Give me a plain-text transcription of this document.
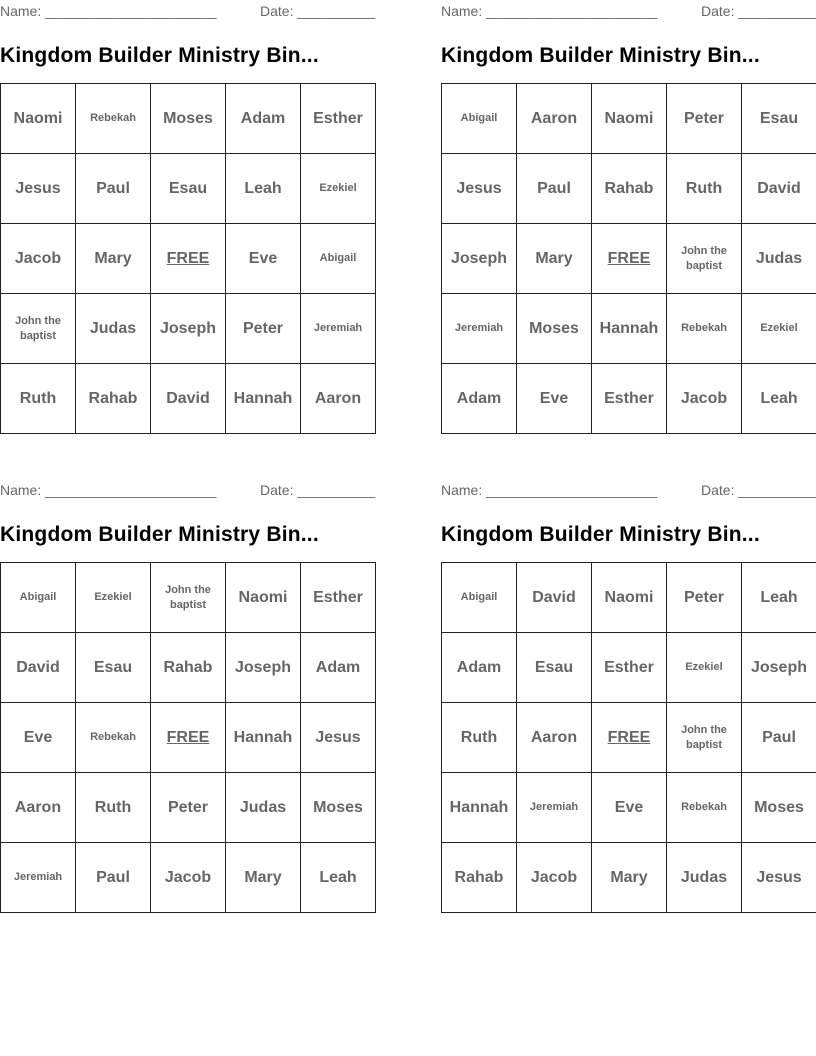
Name: ______________________	Date: __________
Kingdom Builder Ministry Bin...
Naomi	Rebekah	Moses	Adam	Esther
Jesus	Paul	Esau	Leah	Ezekiel
Jacob	Mary	FREE	Eve	Abigail
John the baptist	Judas	Joseph	Peter	Jeremiah
Ruth	Rahab	David	Hannah	Aaron
Name: ______________________	Date: __________
Kingdom Builder Ministry Bin...
Abigail	Aaron	Naomi	Peter	Esau
Jesus	Paul	Rahab	Ruth	David
Joseph	Mary	FREE	John the baptist	Judas
Jeremiah	Moses	Hannah	Rebekah	Ezekiel
Adam	Eve	Esther	Jacob	Leah
Name: ______________________	Date: __________
Kingdom Builder Ministry Bin...
Abigail	Ezekiel	John the baptist	Naomi	Esther
David	Esau	Rahab	Joseph	Adam
Eve	Rebekah	FREE	Hannah	Jesus
Aaron	Ruth	Peter	Judas	Moses
Jeremiah	Paul	Jacob	Mary	Leah
Name: ______________________	Date: __________
Kingdom Builder Ministry Bin...
Abigail	David	Naomi	Peter	Leah
Adam	Esau	Esther	Ezekiel	Joseph
Ruth	Aaron	FREE	John the baptist	Paul
Hannah	Jeremiah	Eve	Rebekah	Moses
Rahab	Jacob	Mary	Judas	Jesus
